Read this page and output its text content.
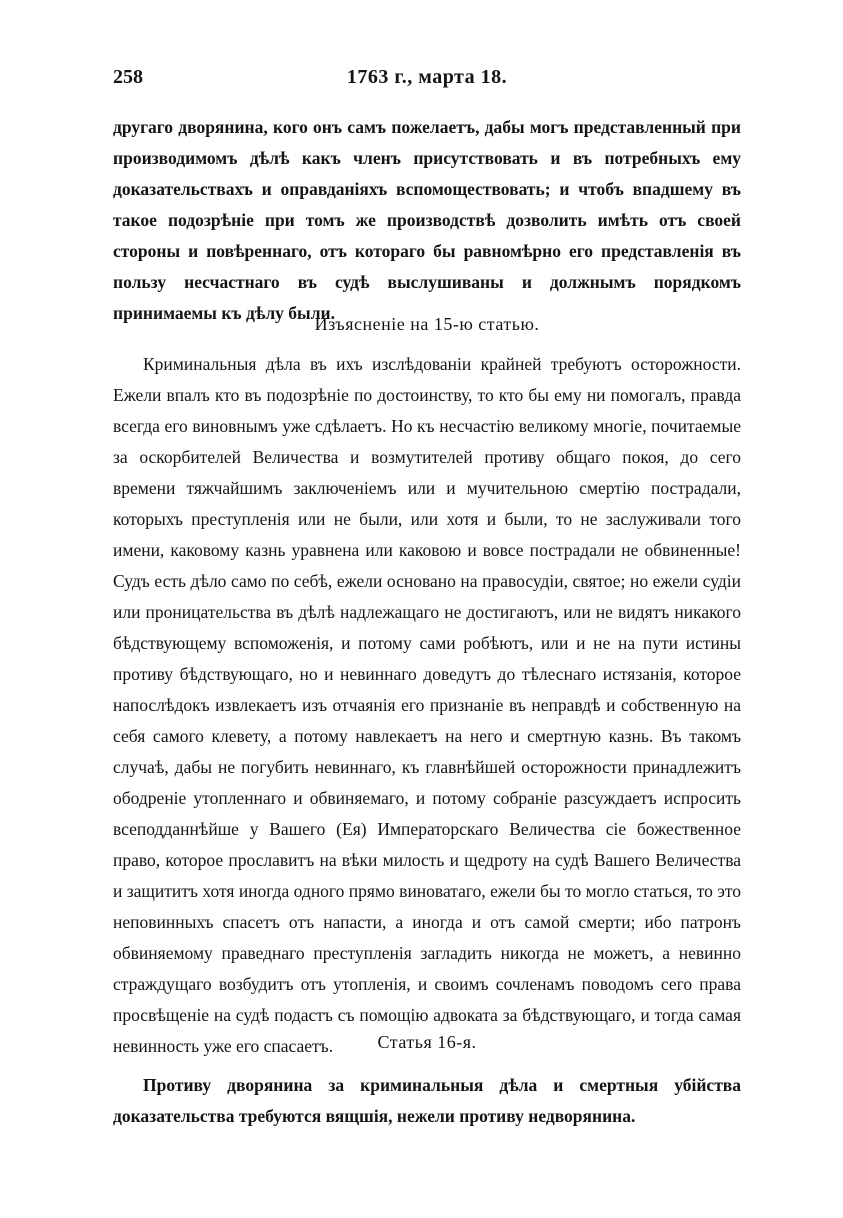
258	1763 г., марта 18.

другаго дворянина, кого онъ самъ пожелаетъ, дабы могъ представленный при производимомъ дѣлѣ какъ членъ присутствовать и въ потребныхъ ему доказательствахъ и оправданіяхъ вспомоществовать; и чтобъ впадшему въ такое подозрѣніе при томъ же производствѣ дозволить имѣть отъ своей стороны и повѣреннаго, отъ котораго бы равномѣрно его представленія въ пользу несчастнаго въ судѣ выслушиваны и должнымъ порядкомъ принимаемы къ дѣлу были.

Изъясненіе на 15-ю статью.

Криминальныя дѣла въ ихъ изслѣдованіи крайней требуютъ осторожности. Ежели впалъ кто въ подозрѣніе по достоинству, то кто бы ему ни помогалъ, правда всегда его виновнымъ уже сдѣлаетъ. Но къ несчастію великому многіе, почитаемые за оскорбителей Величества и возмутителей противу общаго покоя, до сего времени тяжчайшимъ заключеніемъ или и мучительною смертію пострадали, которыхъ преступленія или не были, или хотя и были, то не заслуживали того имени, каковому казнь уравнена или каковою и вовсе пострадали не обвиненные! Судъ есть дѣло само по себѣ, ежели основано на правосудіи, святое; но ежели судіи или проницательства въ дѣлѣ надлежащаго не достигаютъ, или не видятъ никакого бѣдствующему вспоможенія, и потому сами робѣютъ, или и не на пути истины противу бѣдствующаго, но и невиннаго доведутъ до тѣлеснаго истязанія, которое напослѣдокъ извлекаетъ изъ отчаянія его признаніе въ неправдѣ и собственную на себя самого клевету, а потому навлекаетъ на него и смертную казнь. Въ такомъ случаѣ, дабы не погубить невиннаго, къ главнѣйшей осторожности принадлежитъ ободреніе утопленнаго и обвиняемаго, и потому собраніе разсуждаетъ испросить всеподданнѣйше у Вашего (Ея) Императорскаго Величества сіе божественное право, которое прославитъ на вѣки милость и щедроту на судѣ Вашего Величества и защититъ хотя иногда одного прямо виноватаго, ежели бы то могло статься, то это неповинныхъ спасетъ отъ напасти, а иногда и отъ самой смерти; ибо патронъ обвиняемому праведнаго преступленія загладить никогда не можетъ, а невинно страждущаго возбудитъ отъ утопленія, и своимъ сочленамъ поводомъ сего права просвѣщеніе на судѣ подастъ съ помощію адвоката за бѣдствующаго, и тогда самая невинность уже его спасаетъ.	Статья 16-я.

Противу дворянина за криминальныя дѣла и смертныя убійства доказательства требуются вящшія, нежели противу недворянина.
